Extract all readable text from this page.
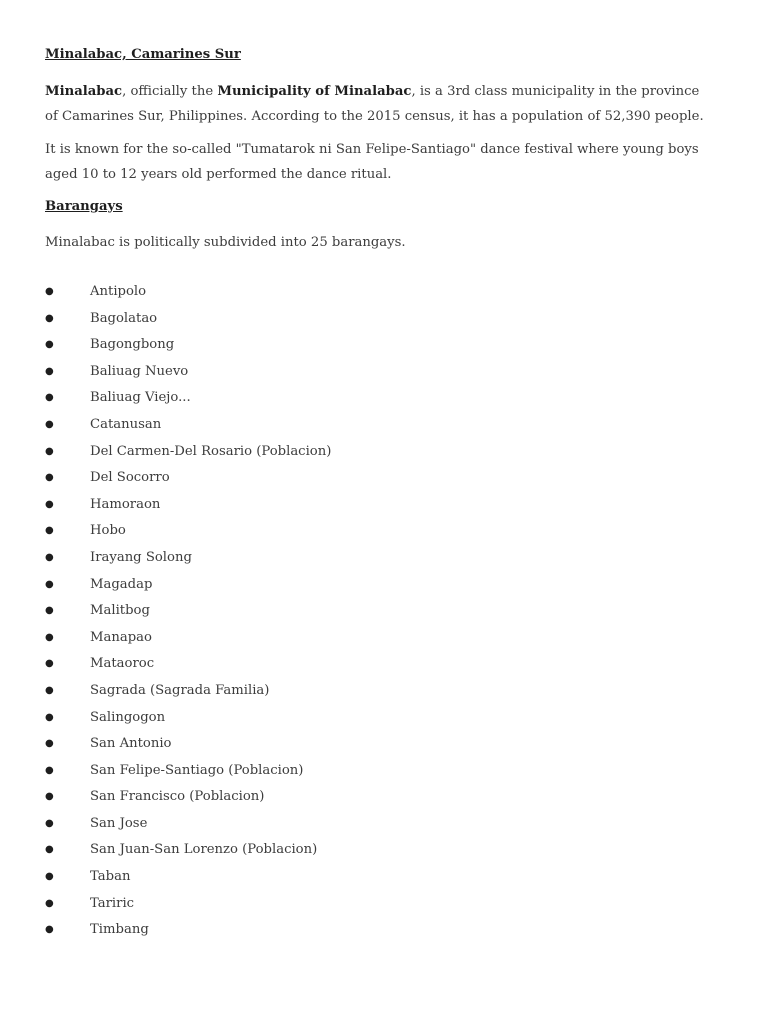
Minalabac, Camarines Sur

Minalabac, officially the Municipality of Minalabac, is a 3rd class municipality in the province of Camarines Sur, Philippines. According to the 2015 census, it has a population of 52,390 people.

It is known for the so-called "Tumatarok ni San Felipe-Santiago" dance festival where young boys aged 10 to 12 years old performed the dance ritual.

Barangays

Minalabac is politically subdivided into 25 barangays.

●	Antipolo
●	Bagolatao
●	Bagongbong
●	Baliuag Nuevo
●	Baliuag Viejo...
●	Catanusan
●	Del Carmen-Del Rosario (Poblacion)
●	Del Socorro
●	Hamoraon
●	Hobo
●	Irayang Solong
●	Magadap
●	Malitbog
●	Manapao
●	Mataoroc
●	Sagrada (Sagrada Familia)
●	Salingogon
●	San Antonio
●	San Felipe-Santiago (Poblacion)
●	San Francisco (Poblacion)
●	San Jose
●	San Juan-San Lorenzo (Poblacion)
●	Taban
●	Tariric
●	Timbang
